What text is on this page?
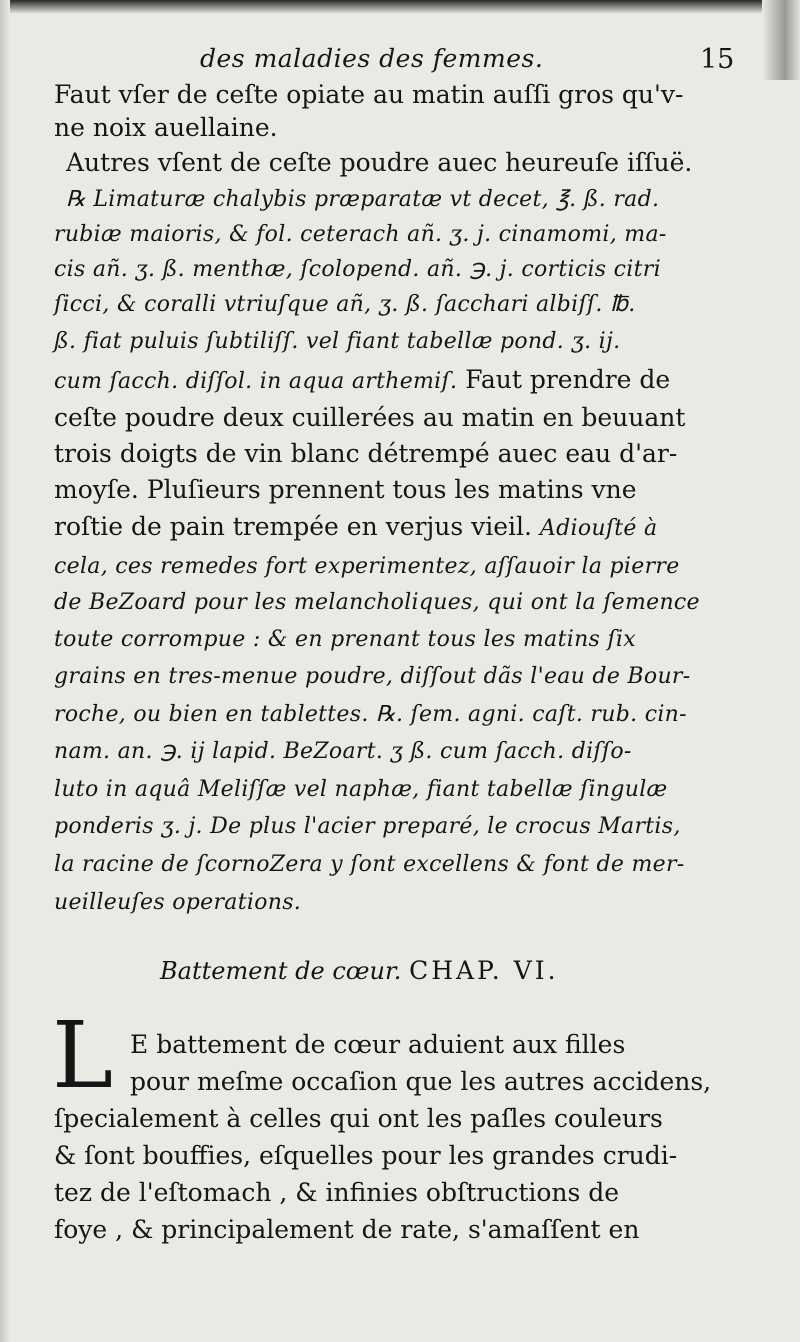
des maladies des femmes.	15
Faut vſer de ceſte opiate au matin auſſi gros qu'v-
ne noix auellaine.
Autres vſent de ceſte poudre auec heureuſe iſſuë.
℞ Limaturæ chalybis præparatæ vt decet, ℥. ß. rad.
rubiæ maioris, & fol. ceterach añ. ʒ. j. cinamomi, ma-
cis añ. ʒ. ß. menthæ, ſcolopend. añ. ℈. j. corticis citri
ſicci, & coralli vtriuſque añ, ʒ. ß. ſacchari albiſſ. ℔.
ß. fiat puluis ſubtiliſſ. vel fiant tabellæ pond. ʒ. ij.
cum ſacch. diſſol. in aqua arthemiſ. Faut prendre de
ceſte poudre deux cuillerées au matin en beuuant
trois doigts de vin blanc détrempé auec eau d'ar-
moyſe. Pluſieurs prennent tous les matins vne
roſtie de pain trempée en verjus vieil. Adiouſté à
cela, ces remedes fort experimentez, aſſauoir la pierre
de BeZoard pour les melancholiques, qui ont la ſemence
toute corrompue : & en prenant tous les matins ſix
grains en tres-menue poudre, diſſout dãs l'eau de Bour-
roche, ou bien en tablettes. ℞. ſem. agni. caſt. rub. cin-
nam. an. ℈. ij lapid. BeZoart. ʒ ß. cum ſacch. diſſo-
luto in aquâ Meliſſæ vel naphæ, fiant tabellæ ſingulæ
ponderis ʒ. j. De plus l'acier preparé, le crocus Martis,
la racine de ſcornoZera y ſont excellens & font de mer-
ueilleuſes operations.
Battement de cœur. CHAP. VI.
L E battement de cœur aduient aux filles
pour meſme occaſion que les autres accidens,
ſpecialement à celles qui ont les paſles couleurs
& ſont bouffies, eſquelles pour les grandes crudi-
tez de l'eſtomach , & infinies obſtructions de
foye , & principalement de rate, s'amaſſent en
